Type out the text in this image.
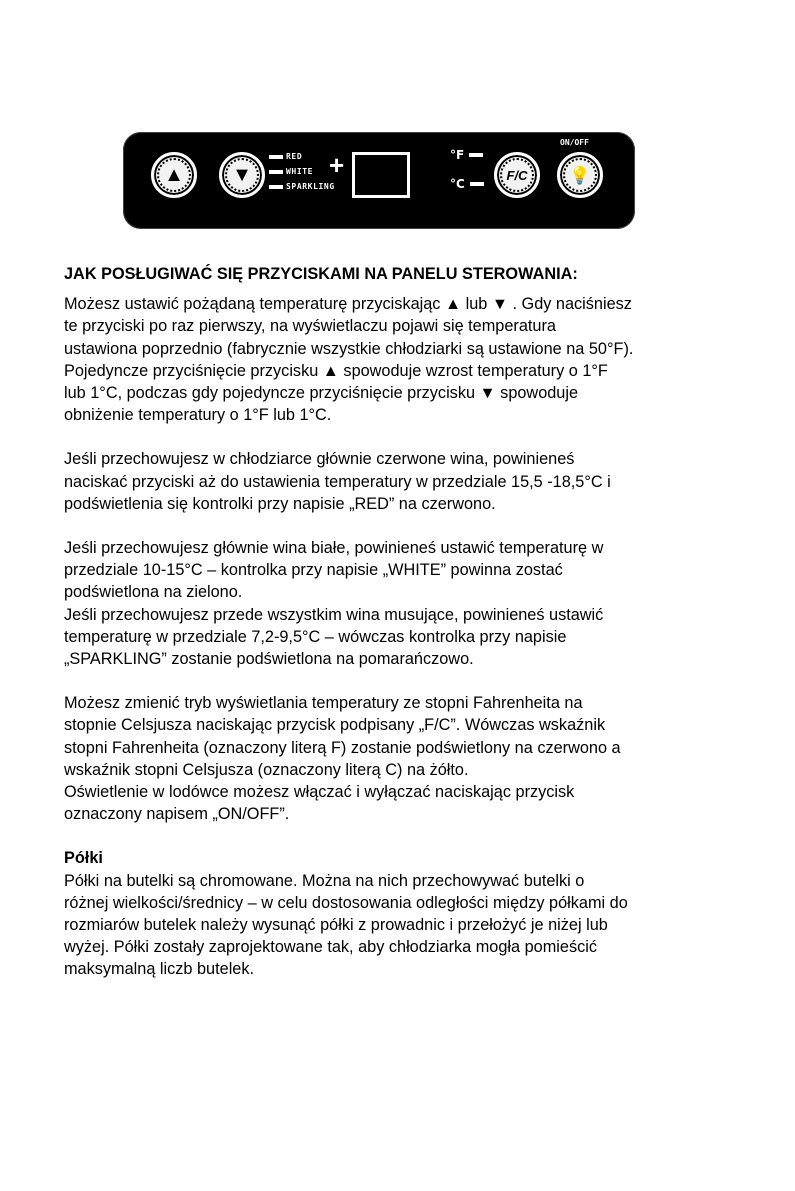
▲ ▼
RED
WHITE
SPARKLING
+	°F
°C
F/C
ON/OFF
💡

JAK POSŁUGIWAĆ SIĘ PRZYCISKAMI NA PANELU STEROWANIA:

Możesz ustawić pożądaną temperaturę przyciskając ▲ lub ▼ . Gdy naciśniesz
te przyciski po raz pierwszy, na wyświetlaczu pojawi się temperatura
ustawiona poprzednio (fabrycznie wszystkie chłodziarki są ustawione na 50°F).
Pojedyncze przyciśnięcie przycisku ▲ spowoduje wzrost temperatury o 1°F
lub 1°C, podczas gdy pojedyncze przyciśnięcie przycisku ▼ spowoduje
obniżenie temperatury o 1°F lub 1°C.

Jeśli przechowujesz w chłodziarce głównie czerwone wina, powinieneś
naciskać przyciski aż do ustawienia temperatury w przedziale 15,5 -18,5°C i
podświetlenia się kontrolki przy napisie „RED” na czerwono.

Jeśli przechowujesz głównie wina białe, powinieneś ustawić temperaturę w
przedziale 10-15°C – kontrolka przy napisie „WHITE” powinna zostać
podświetlona na zielono.
Jeśli przechowujesz przede wszystkim wina musujące, powinieneś ustawić
temperaturę w przedziale 7,2-9,5°C – wówczas kontrolka przy napisie
„SPARKLING” zostanie podświetlona na pomarańczowo.

Możesz zmienić tryb wyświetlania temperatury ze stopni Fahrenheita na
stopnie Celsjusza naciskając przycisk podpisany „F/C”. Wówczas wskaźnik
stopni Fahrenheita (oznaczony literą F) zostanie podświetlony na czerwono a
wskaźnik stopni Celsjusza (oznaczony literą C) na żółto.
Oświetlenie w lodówce możesz włączać i wyłączać naciskając przycisk
oznaczony napisem „ON/OFF”.

Półki

Półki na butelki są chromowane. Można na nich przechowywać butelki o
różnej wielkości/średnicy – w celu dostosowania odległości między półkami do
rozmiarów butelek należy wysunąć półki z prowadnic i przełożyć je niżej lub
wyżej. Półki zostały zaprojektowane tak, aby chłodziarka mogła pomieścić
maksymalną liczb butelek.
